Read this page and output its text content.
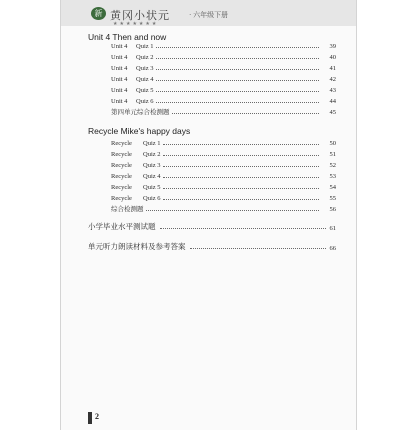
新 黄冈小状元	· 六年级下册
★★★★★★★
Unit 4 Then and now
Unit 4 Quiz 1	39
Unit 4 Quiz 2	40
Unit 4 Quiz 3	41
Unit 4 Quiz 4	42
Unit 4 Quiz 5	43
Unit 4 Quiz 6	44
第四单元综合检测题	45
Recycle Mike's happy days
Recycle Quiz 1	50
Recycle Quiz 2	51
Recycle Quiz 3	52
Recycle Quiz 4	53
Recycle Quiz 5	54
Recycle Quiz 6	55
综合检测题	56
小学毕业水平测试题	61
单元听力朗读材料及参考答案	66
2
